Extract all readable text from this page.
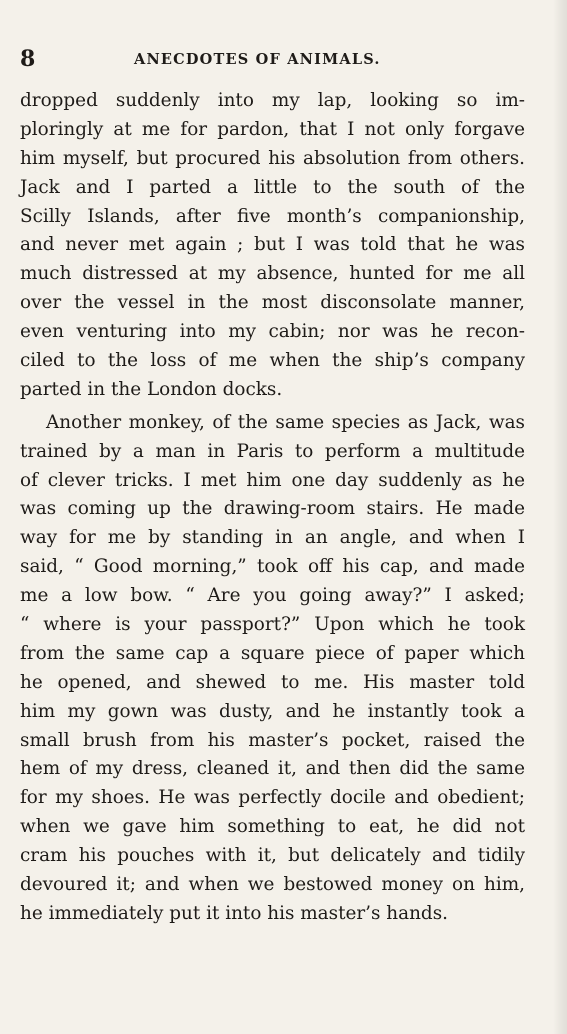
8	ANECDOTES OF ANIMALS.
dropped suddenly into my lap, looking so im-
ploringly at me for pardon, that I not only forgave
him myself, but procured his absolution from others.
Jack and I parted a little to the south of the
Scilly Islands, after five month’s companionship,
and never met again ; but I was told that he was
much distressed at my absence, hunted for me all
over the vessel in the most disconsolate manner,
even venturing into my cabin; nor was he recon-
ciled to the loss of me when the ship’s company
parted in the London docks.
Another monkey, of the same species as Jack, was
trained by a man in Paris to perform a multitude
of clever tricks. I met him one day suddenly as he
was coming up the drawing-room stairs. He made
way for me by standing in an angle, and when I
said, “ Good morning,” took off his cap, and made
me a low bow. “ Are you going away?” I asked;
“ where is your passport?” Upon which he took
from the same cap a square piece of paper which
he opened, and shewed to me. His master told
him my gown was dusty, and he instantly took a
small brush from his master’s pocket, raised the
hem of my dress, cleaned it, and then did the same
for my shoes. He was perfectly docile and obedient;
when we gave him something to eat, he did not
cram his pouches with it, but delicately and tidily
devoured it; and when we bestowed money on him,
he immediately put it into his master’s hands.
